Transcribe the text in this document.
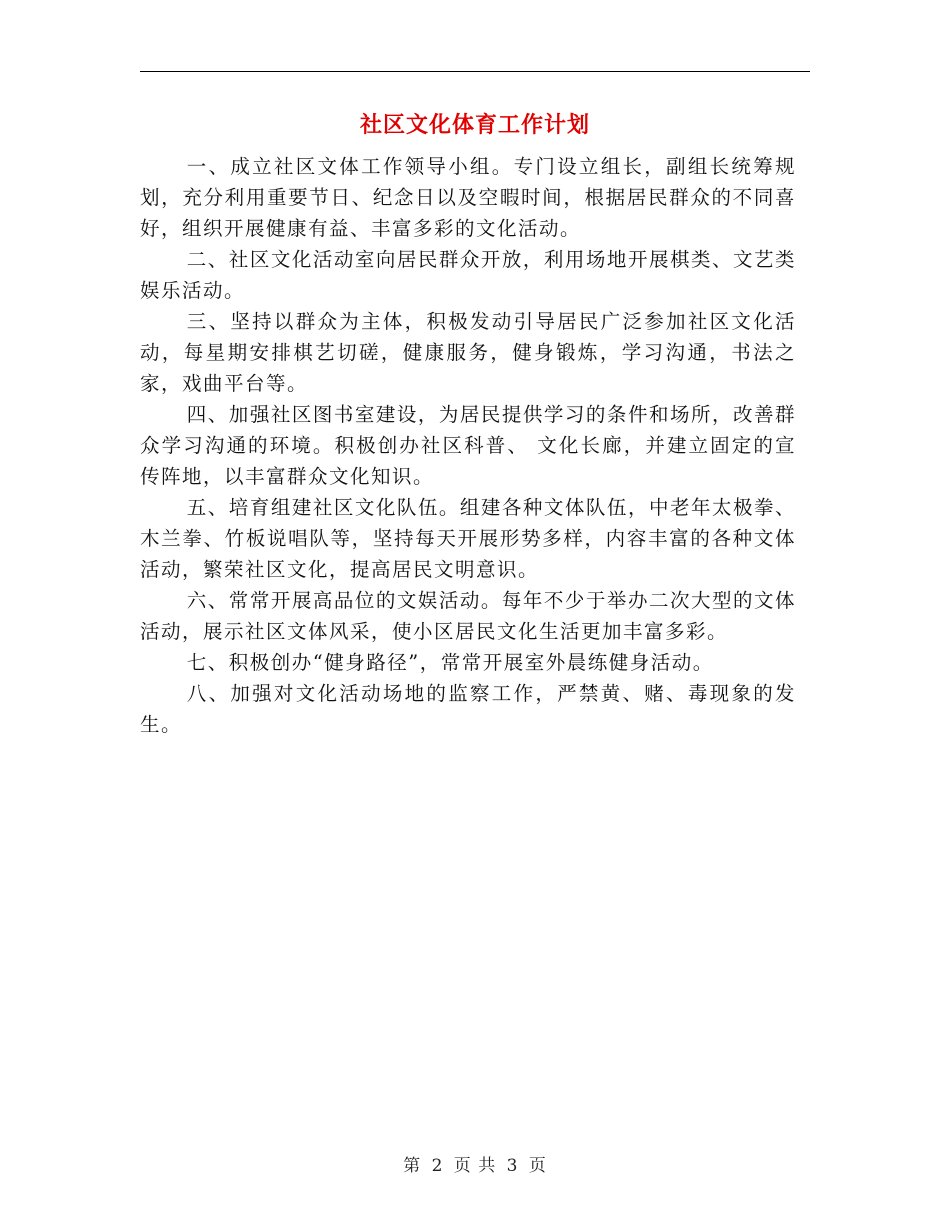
社区文化体育工作计划

一、成立社区文体工作领导小组。专门设立组长，副组长统筹规划，充分利用重要节日、纪念日以及空暇时间，根据居民群众的不同喜好，组织开展健康有益、丰富多彩的文化活动。

二、社区文化活动室向居民群众开放，利用场地开展棋类、文艺类娱乐活动。

三、坚持以群众为主体，积极发动引导居民广泛参加社区文化活动，每星期安排棋艺切磋，健康服务，健身锻炼，学习沟通，书法之家，戏曲平台等。

四、加强社区图书室建设，为居民提供学习的条件和场所，改善群众学习沟通的环境。积极创办社区科普、 文化长廊，并建立固定的宣传阵地，以丰富群众文化知识。

五、培育组建社区文化队伍。组建各种文体队伍，中老年太极拳、木兰拳、竹板说唱队等，坚持每天开展形势多样，内容丰富的各种文体活动，繁荣社区文化，提高居民文明意识。

六、常常开展高品位的文娱活动。每年不少于举办二次大型的文体活动，展示社区文体风采，使小区居民文化生活更加丰富多彩。

七、积极创办“健身路径”，常常开展室外晨练健身活动。

八、加强对文化活动场地的监察工作，严禁黄、赌、毒现象的发生。

第 2 页 共 3 页
